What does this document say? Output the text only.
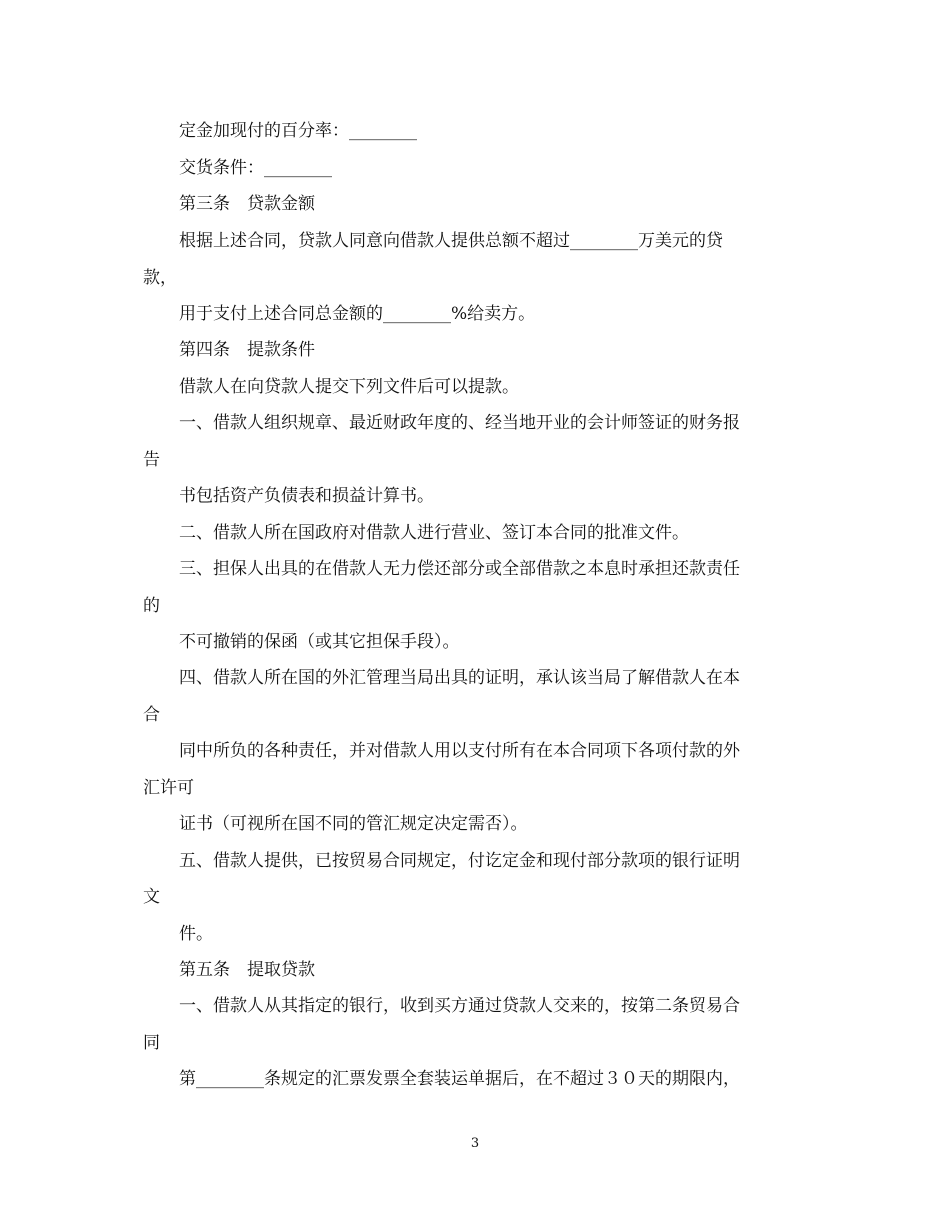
定金加现付的百分率：________
交货条件：________
第三条　贷款金额
根据上述合同，贷款人同意向借款人提供总额不超过________万美元的贷
款，
用于支付上述合同总金额的________%给卖方。
第四条　提款条件
借款人在向贷款人提交下列文件后可以提款。
一、借款人组织规章、最近财政年度的、经当地开业的会计师签证的财务报
告
书包括资产负债表和损益计算书。
二、借款人所在国政府对借款人进行营业、签订本合同的批准文件。
三、担保人出具的在借款人无力偿还部分或全部借款之本息时承担还款责任
的
不可撤销的保函（或其它担保手段）。
四、借款人所在国的外汇管理当局出具的证明，承认该当局了解借款人在本
合
同中所负的各种责任，并对借款人用以支付所有在本合同项下各项付款的外
汇许可
证书（可视所在国不同的管汇规定决定需否）。
五、借款人提供，已按贸易合同规定，付讫定金和现付部分款项的银行证明
文
件。
第五条　提取贷款
一、借款人从其指定的银行，收到买方通过贷款人交来的，按第二条贸易合
同
第________条规定的汇票发票全套装运单据后，在不超过３０天的期限内，
3
